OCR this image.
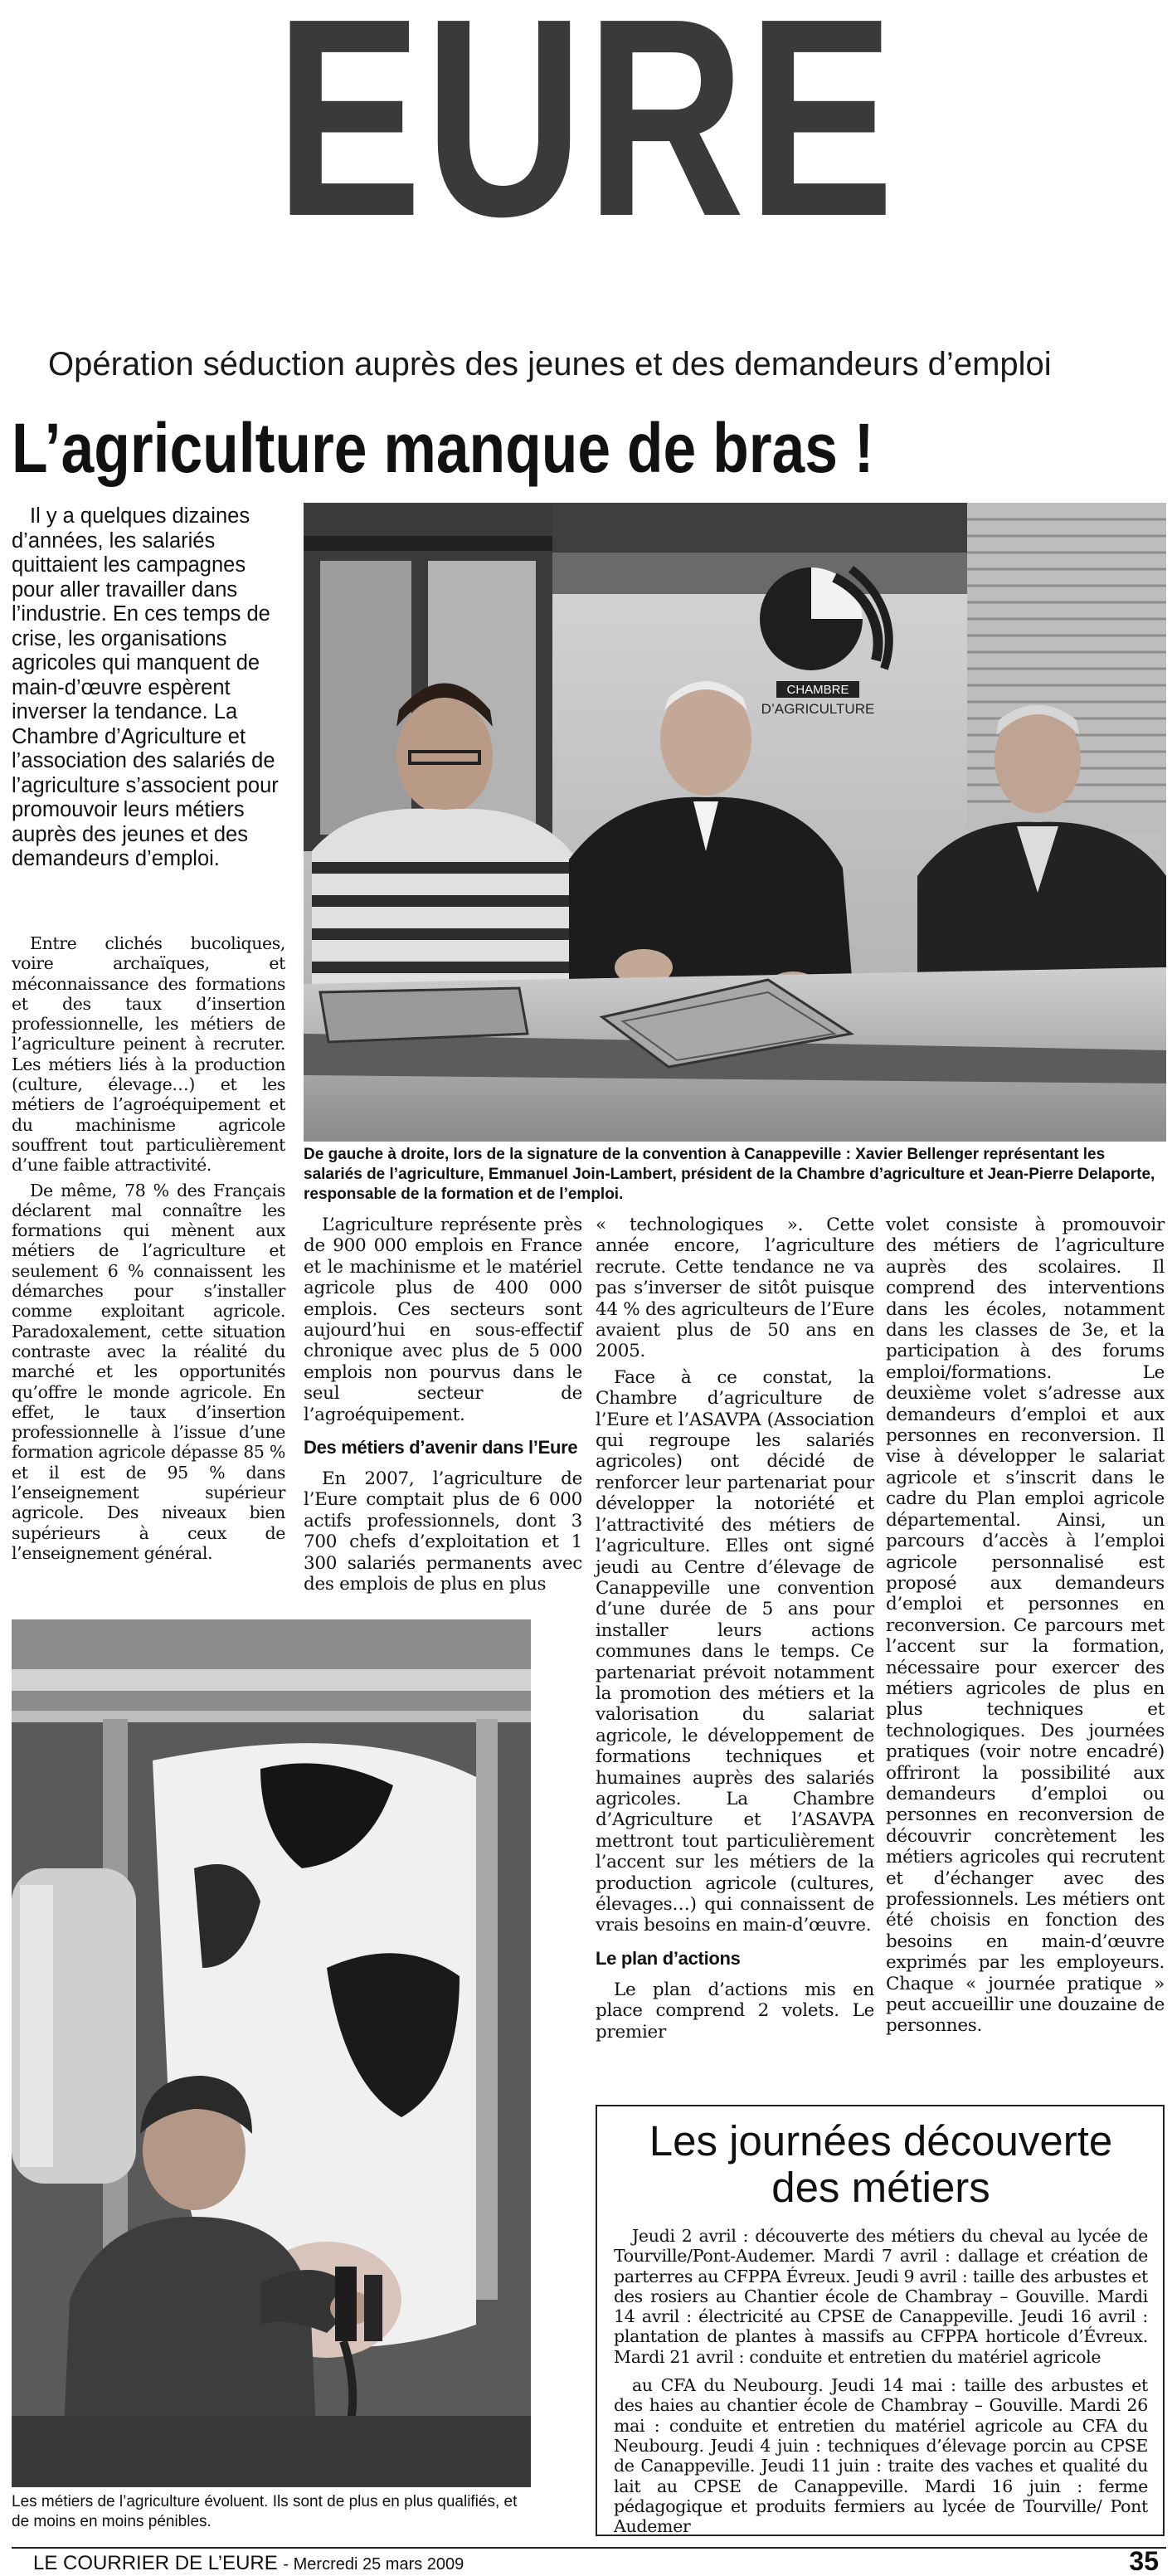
EURE
Opération séduction auprès des jeunes et des demandeurs d’emploi
L’agriculture manque de bras !

Il y a quelques dizaines d’années, les salariés quittaient les campagnes pour aller travailler dans l’industrie. En ces temps de crise, les organisations agricoles qui manquent de main-d’œuvre espèrent inverser la tendance. La Chambre d’Agriculture et l’association des salariés de l’agriculture s’associent pour promouvoir leurs métiers auprès des jeunes et des demandeurs d’emploi.

Entre clichés bucoliques, voire archaïques, et méconnaissance des formations et des taux d’insertion professionnelle, les métiers de l’agriculture peinent à recruter. Les métiers liés à la production (culture, élevage…) et les métiers de l’agroéquipement et du machinisme agricole souffrent tout particulièrement d’une faible attractivité.

De même, 78 % des Français déclarent mal connaître les formations qui mènent aux métiers de l’agriculture et seulement 6 % connaissent les démarches pour s’installer comme exploitant agricole. Paradoxalement, cette situation contraste avec la réalité du marché et les opportunités qu’offre le monde agricole. En effet, le taux d’insertion professionnelle à l’issue d’une formation agricole dépasse 85 % et il est de 95 % dans l’enseignement supérieur agricole. Des niveaux bien supérieurs à ceux de l’enseignement général.

CHAMBRE
D’AGRICULTURE
De gauche à droite, lors de la signature de la convention à Canappeville : Xavier Bellenger représentant les salariés de l’agriculture, Emmanuel Join-Lambert, président de la Chambre d’agriculture et Jean-Pierre Delaporte, responsable de la formation et de l’emploi.

L’agriculture représente près de 900 000 emplois en France et le machinisme et le matériel agricole plus de 400 000 emplois. Ces secteurs sont aujourd’hui en sous-effectif chronique avec plus de 5 000 emplois non pourvus dans le seul secteur de l’agroéquipement.

Des métiers d’avenir dans l’Eure

En 2007, l’agriculture de l’Eure comptait plus de 6 000 actifs professionnels, dont 3 700 chefs d’exploitation et 1 300 salariés permanents avec des emplois de plus en plus

« technologiques ». Cette année encore, l’agriculture recrute. Cette tendance ne va pas s’inverser de sitôt puisque 44 % des agriculteurs de l’Eure avaient plus de 50 ans en 2005.

Face à ce constat, la Chambre d’agriculture de l’Eure et l’ASAVPA (Association qui regroupe les salariés agricoles) ont décidé de renforcer leur partenariat pour développer la notoriété et l’attractivité des métiers de l’agriculture. Elles ont signé jeudi au Centre d’élevage de Canappeville une convention d’une durée de 5 ans pour installer leurs actions communes dans le temps. Ce partenariat prévoit notamment la promotion des métiers et la valorisation du salariat agricole, le développement de formations techniques et humaines auprès des salariés agricoles. La Chambre d’Agriculture et l’ASAVPA mettront tout particulièrement l’accent sur les métiers de la production agricole (cultures, élevages…) qui connaissent de vrais besoins en main-d’œuvre.

Le plan d’actions

Le plan d’actions mis en place comprend 2 volets. Le premier

volet consiste à promouvoir des métiers de l’agriculture auprès des scolaires. Il comprend des interventions dans les écoles, notamment dans les classes de 3e, et la participation à des forums emploi/formations. Le deuxième volet s’adresse aux demandeurs d’emploi et aux personnes en reconversion. Il vise à développer le salariat agricole et s’inscrit dans le cadre du Plan emploi agricole départemental. Ainsi, un parcours d’accès à l’emploi agricole personnalisé est proposé aux demandeurs d’emploi et personnes en reconversion. Ce parcours met l’accent sur la formation, nécessaire pour exercer des métiers agricoles de plus en plus techniques et technologiques. Des journées pratiques (voir notre encadré) offriront la possibilité aux demandeurs d’emploi ou personnes en reconversion de découvrir concrètement les métiers agricoles qui recrutent et d’échanger avec des professionnels. Les métiers ont été choisis en fonction des besoins en main-d’œuvre exprimés par les employeurs. Chaque « journée pratique » peut accueillir une douzaine de personnes.

Les métiers de l’agriculture évoluent. Ils sont de plus en plus qualifiés, et de moins en moins pénibles.
Les journées découverte
des métiers

Jeudi 2 avril : découverte des métiers du cheval au lycée de Tourville/Pont-Audemer. Mardi 7 avril : dallage et création de parterres au CFPPA Évreux. Jeudi 9 avril : taille des arbustes et des rosiers au Chantier école de Chambray – Gouville. Mardi 14 avril : électricité au CPSE de Canappeville. Jeudi 16 avril : plantation de plantes à massifs au CFPPA horticole d’Évreux. Mardi 21 avril : conduite et entretien du matériel agricole

au CFA du Neubourg. Jeudi 14 mai : taille des arbustes et des haies au chantier école de Chambray – Gouville. Mardi 26 mai : conduite et entretien du matériel agricole au CFA du Neubourg. Jeudi 4 juin : techniques d’élevage porcin au CPSE de Canappeville. Jeudi 11 juin : traite des vaches et qualité du lait au CPSE de Canappeville. Mardi 16 juin : ferme pédagogique et produits fermiers au lycée de Tourville/ Pont Audemer

LE COURRIER DE L’EURE - Mercredi 25 mars 2009	35
